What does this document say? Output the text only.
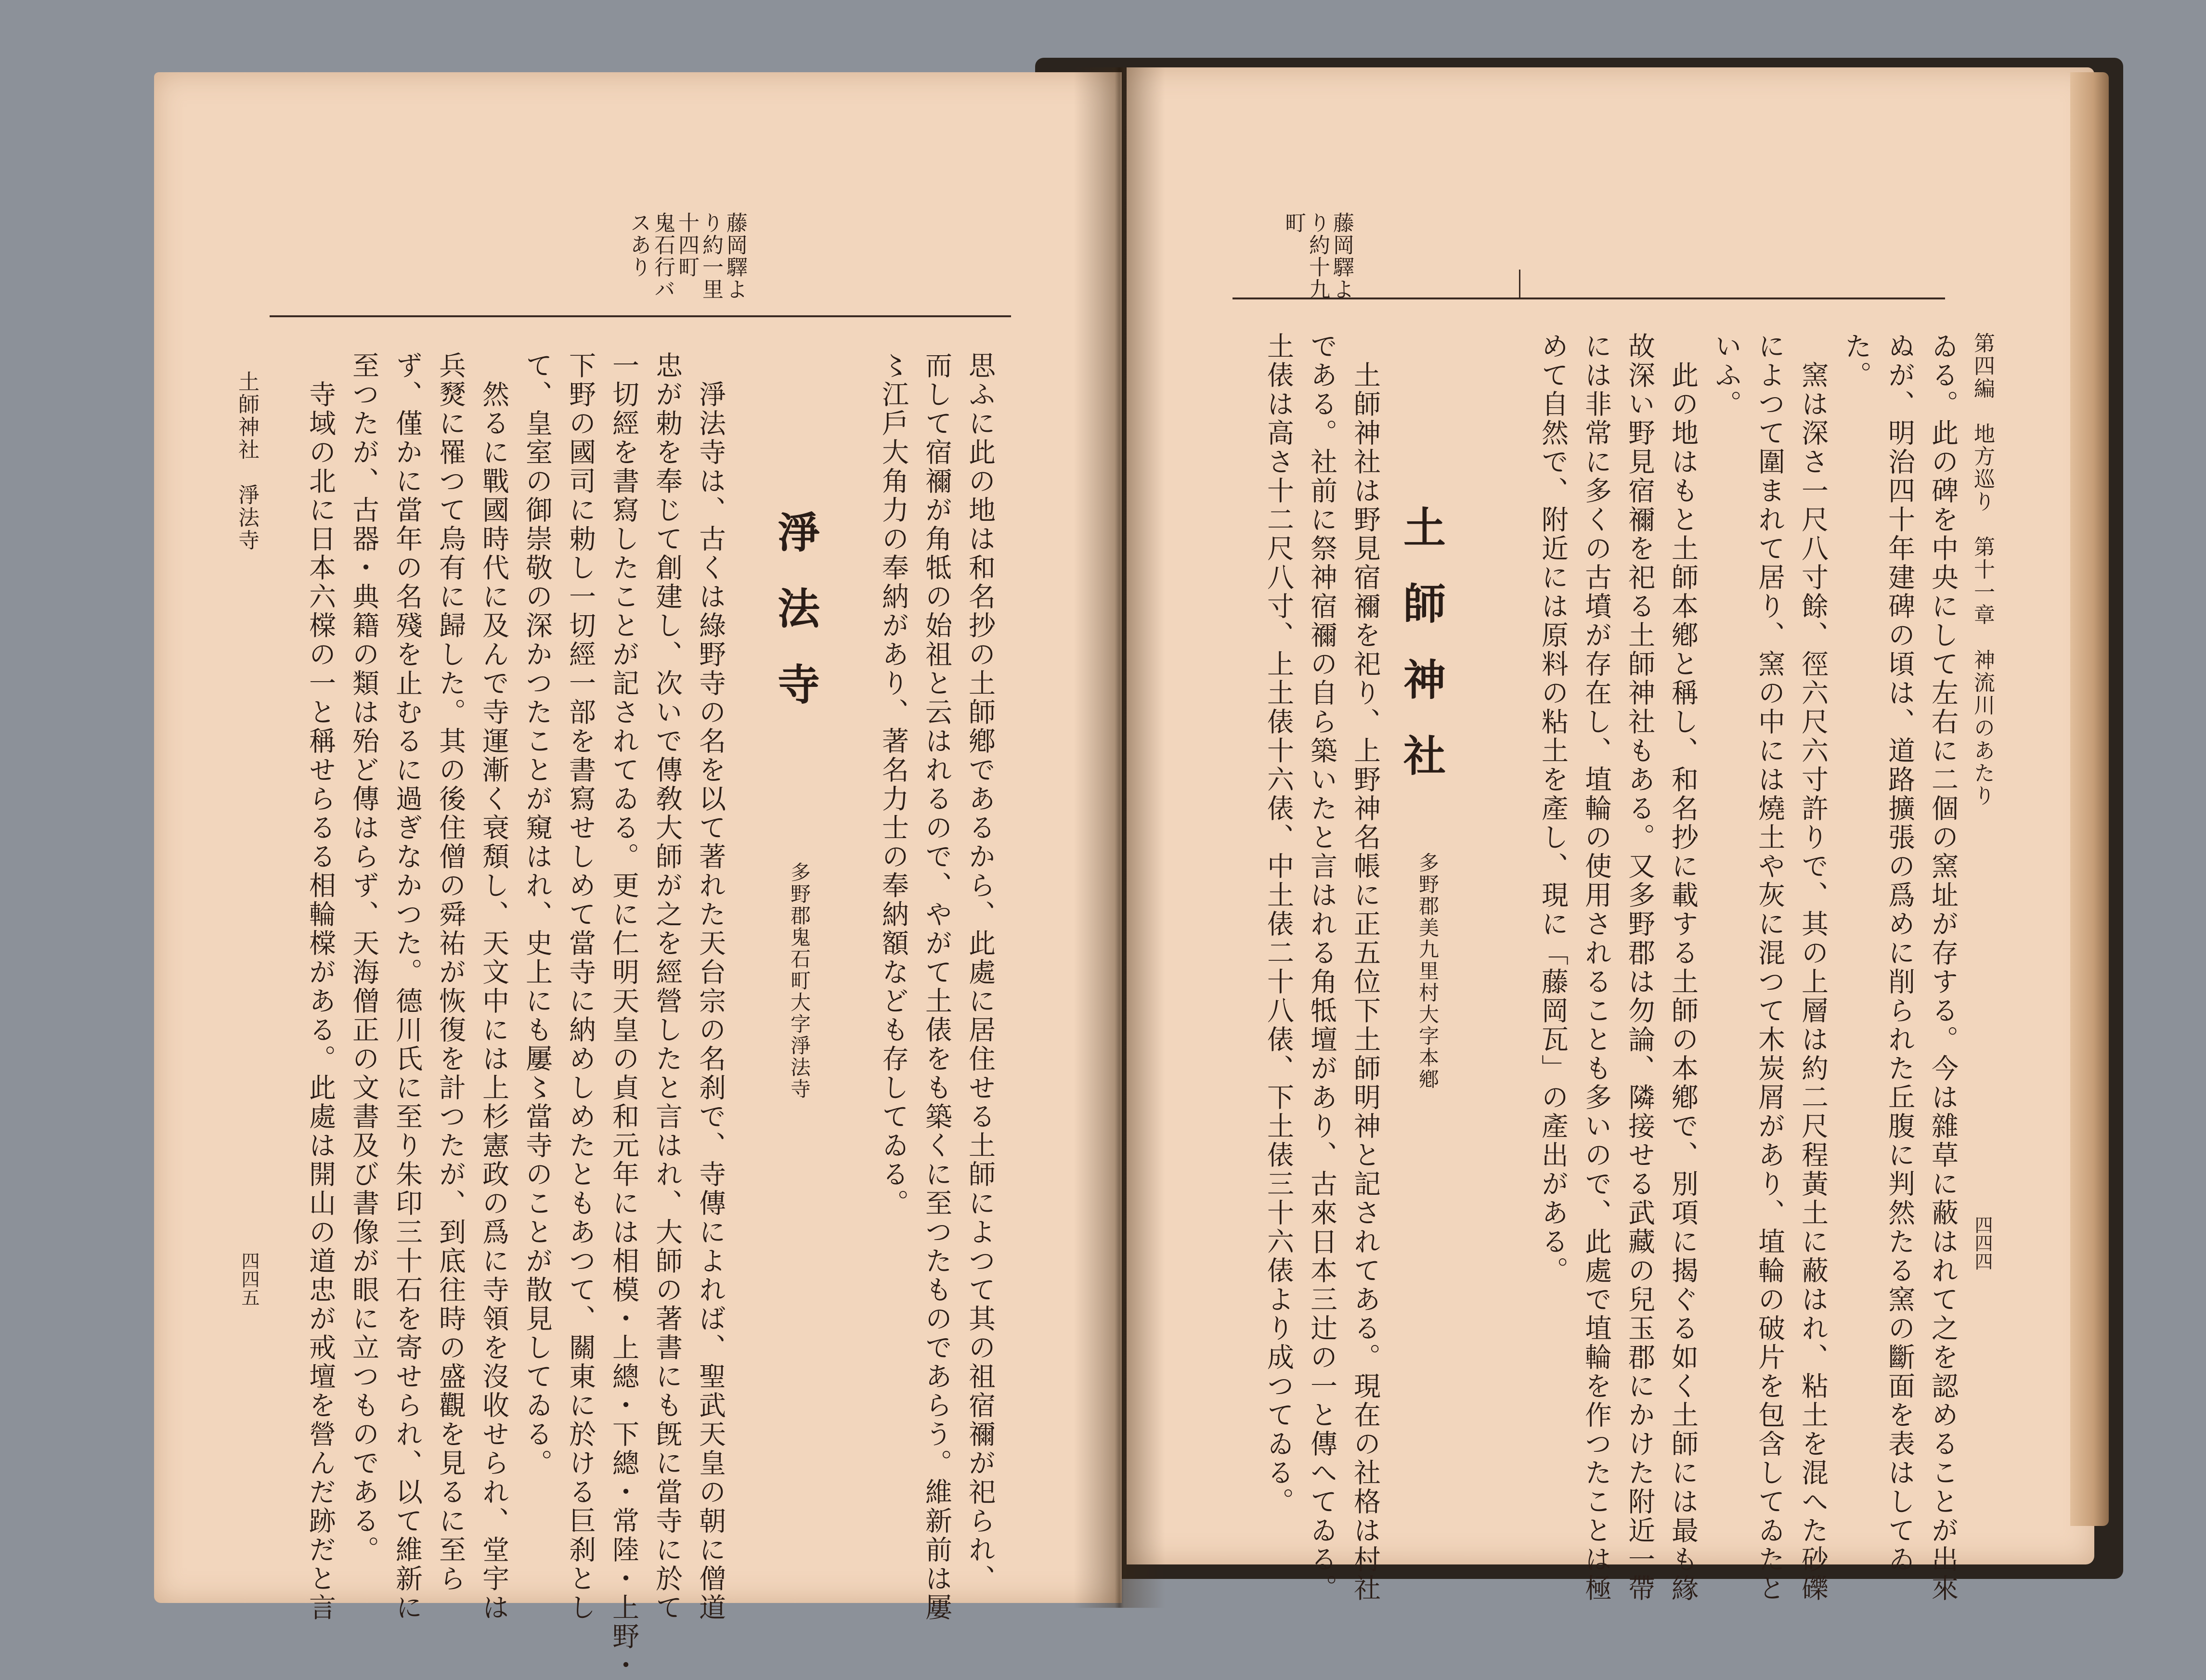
第四編　地方巡り　第十一章　神流川のあたり
四四四
ゐる。此の碑を中央にして左右に二個の窯址が存する。今は雜草に蔽はれて之を認めることが出來
ぬが、明治四十年建碑の頃は、道路擴張の爲めに削られた丘腹に判然たる窯の斷面を表はしてゐ
た。
　窯は深さ一尺八寸餘、徑六尺六寸許りで、其の上層は約二尺程黃土に蔽はれ、粘土を混へた砂礫
によつて圍まれて居り、窯の中には燒土や灰に混つて木炭屑があり、埴輪の破片を包含してゐたと
いふ。
　此の地はもと土師本鄕と稱し、和名抄に載する土師の本鄕で、別項に揭ぐる如く土師には最も緣
故深い野見宿禰を祀る土師神社もある。又多野郡は勿論、隣接せる武藏の兒玉郡にかけた附近一帶
には非常に多くの古墳が存在し、埴輪の使用されることも多いので、此處で埴輪を作つたことは極
めて自然で、附近には原料の粘土を產し、現に「藤岡瓦」の產出がある。
土師神社
多野郡美九里村大字本鄕
　土師神社は野見宿禰を祀り、上野神名帳に正五位下土師明神と記されてある。現在の社格は村社
である。社前に祭神宿禰の自ら築いたと言はれる角牴壇があり、古來日本三辻の一と傳へてゐる。
土俵は高さ十二尺八寸、上土俵十六俵、中土俵二十八俵、下土俵三十六俵より成つてゐる。
藤岡驛よ
り約十九
町
藤岡驛よ
り約一里
十四町
鬼石行バ
スあり
思ふに此の地は和名抄の土師鄕であるから、此處に居住せる土師によつて其の祖宿禰が祀られ、
而して宿禰が角牴の始祖と云はれるので、やがて土俵をも築くに至つたものであらう。維新前は屢
〻江戶大角力の奉納があり、著名力士の奉納額なども存してゐる。
淨法寺
多野郡鬼石町大字淨法寺
　淨法寺は、古くは綠野寺の名を以て著れた天台宗の名刹で、寺傳によれば、聖武天皇の朝に僧道
忠が勅を奉じて創建し、次いで傳敎大師が之を經營したと言はれ、大師の著書にも旣に當寺に於て
一切經を書寫したことが記されてゐる。更に仁明天皇の貞和元年には相模・上總・下總・常陸・上野・
下野の國司に勅し一切經一部を書寫せしめて當寺に納めしめたともあつて、關東に於ける巨刹とし
て、皇室の御崇敬の深かつたことが窺はれ、史上にも屢〻當寺のことが散見してゐる。
　然るに戰國時代に及んで寺運漸く衰頽し、天文中には上杉憲政の爲に寺領を沒收せられ、堂宇は
兵燹に罹つて烏有に歸した。其の後住僧の舜祐が恢復を計つたが、到底往時の盛觀を見るに至ら
ず、僅かに當年の名殘を止むるに過ぎなかつた。德川氏に至り朱印三十石を寄せられ、以て維新に
至つたが、古器・典籍の類は殆ど傳はらず、天海僧正の文書及び書像が眼に立つものである。
　寺域の北に日本六橖の一と稱せらるる相輪橖がある。此處は開山の道忠が戒壇を營んだ跡だと言
土師神社　淨法寺
四四五
